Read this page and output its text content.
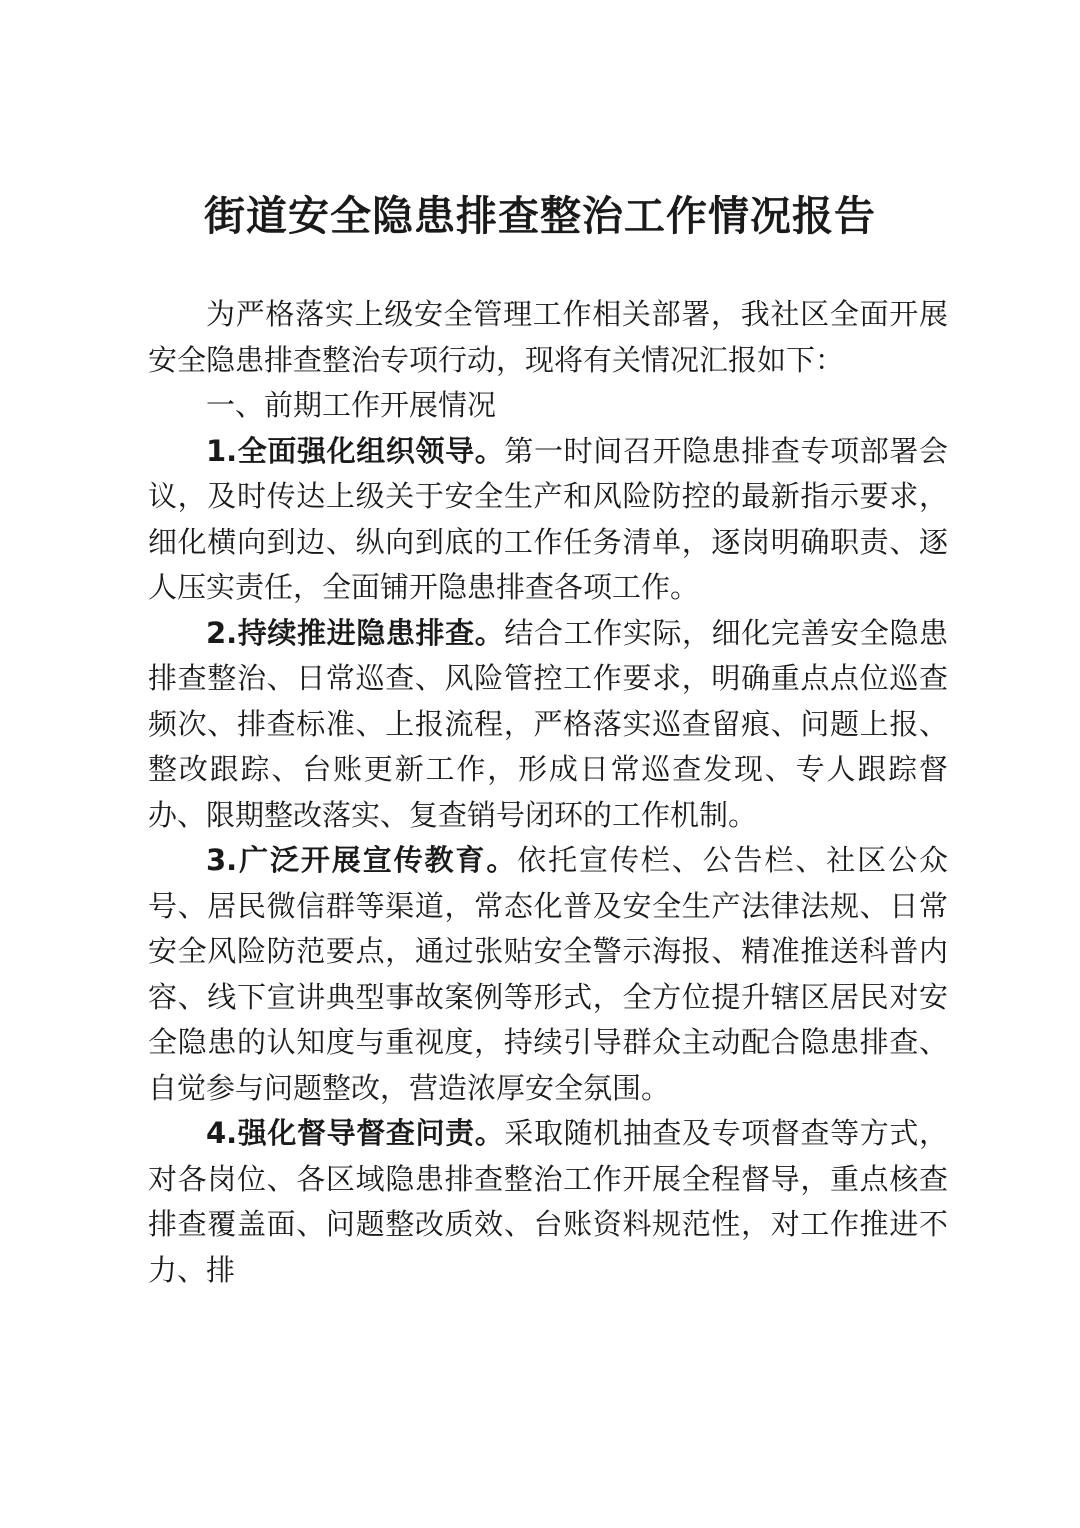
街道安全隐患排查整治工作情况报告

为严格落实上级安全管理工作相关部署，我社区全面开展安全隐患排查整治专项行动，现将有关情况汇报如下：

一、前期工作开展情况

1.全面强化组织领导。第一时间召开隐患排查专项部署会议，及时传达上级关于安全生产和风险防控的最新指示要求，细化横向到边、纵向到底的工作任务清单，逐岗明确职责、逐人压实责任，全面铺开隐患排查各项工作。

2.持续推进隐患排查。结合工作实际，细化完善安全隐患排查整治、日常巡查、风险管控工作要求，明确重点点位巡查频次、排查标准、上报流程，严格落实巡查留痕、问题上报、整改跟踪、台账更新工作，形成日常巡查发现、专人跟踪督办、限期整改落实、复查销号闭环的工作机制。

3.广泛开展宣传教育。依托宣传栏、公告栏、社区公众号、居民微信群等渠道，常态化普及安全生产法律法规、日常安全风险防范要点，通过张贴安全警示海报、精准推送科普内容、线下宣讲典型事故案例等形式，全方位提升辖区居民对安全隐患的认知度与重视度，持续引导群众主动配合隐患排查、自觉参与问题整改，营造浓厚安全氛围。

4.强化督导督查问责。采取随机抽查及专项督查等方式，对各岗位、各区域隐患排查整治工作开展全程督导，重点核查排查覆盖面、问题整改质效、台账资料规范性，对工作推进不力、排
